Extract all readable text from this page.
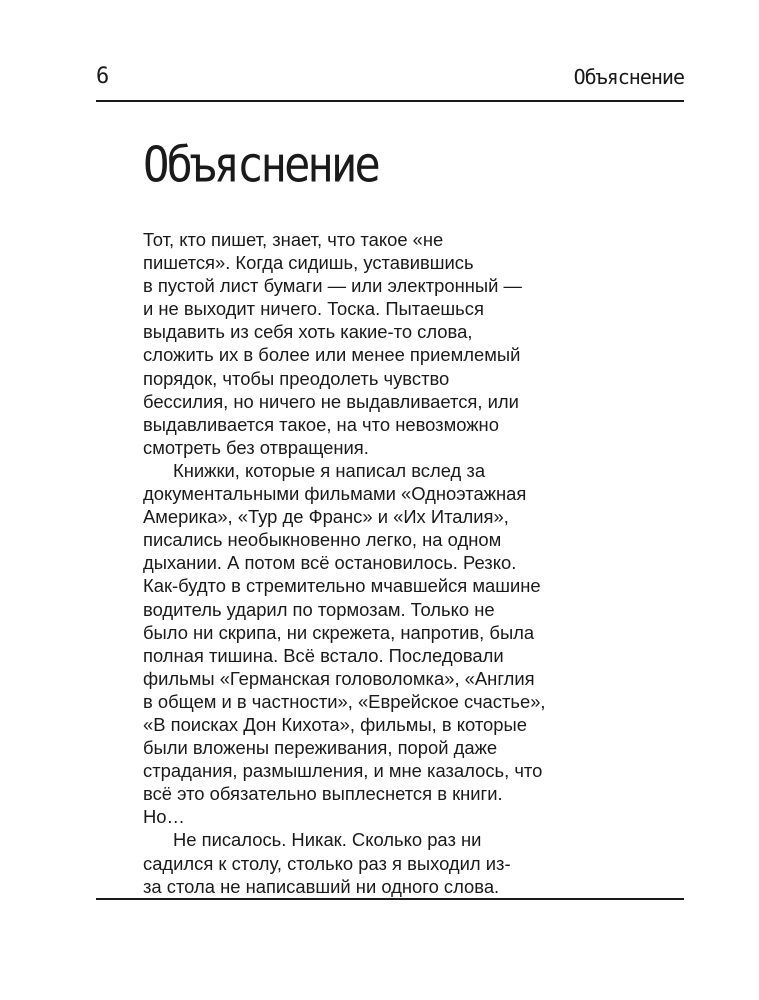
6	Объяснение
Объяснение
Тот, кто пишет, знает, что такое «не
пишется». Когда сидишь, уставившись
в пустой лист бумаги — или электронный —
и не выходит ничего. Тоска. Пытаешься
выдавить из себя хоть какие-то слова,
сложить их в более или менее приемлемый
порядок, чтобы преодолеть чувство
бессилия, но ничего не выдавливается, или
выдавливается такое, на что невозможно
смотреть без отвращения.
Книжки, которые я написал вслед за
документальными фильмами «Одноэтажная
Америка», «Тур де Франс» и «Их Италия»,
писались необыкновенно легко, на одном
дыхании. А потом всё остановилось. Резко.
Как-будто в стремительно мчавшейся машине
водитель ударил по тормозам. Только не
было ни скрипа, ни скрежета, напротив, была
полная тишина. Всё встало. Последовали
фильмы «Германская головоломка», «Англия
в общем и в частности», «Еврейское счастье»,
«В поисках Дон Кихота», фильмы, в которые
были вложены переживания, порой даже
страдания, размышления, и мне казалось, что
всё это обязательно выплеснется в книги.
Но…
Не писалось. Никак. Сколько раз ни
садился к столу, столько раз я выходил из-
за стола не написавший ни одного слова.
